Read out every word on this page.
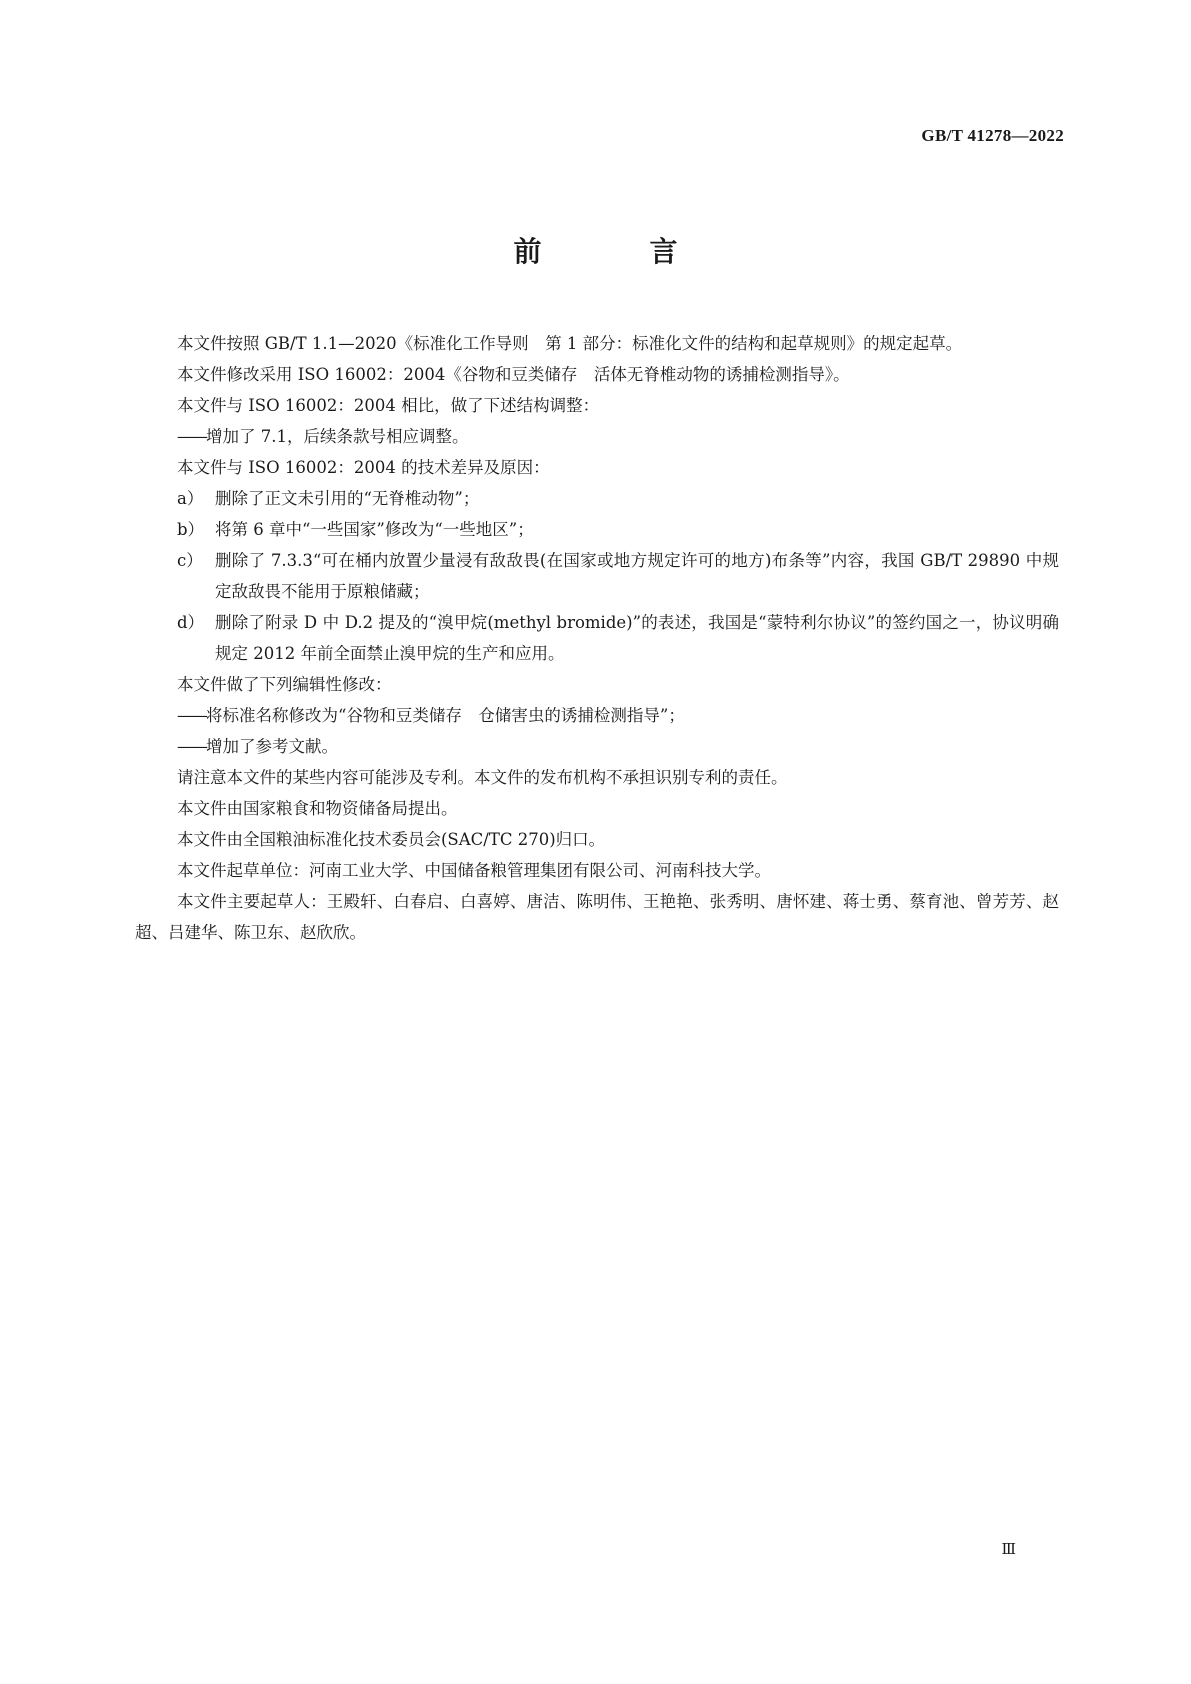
GB/T 41278—2022
前　言

本文件按照 GB/T 1.1—2020《标准化工作导则　第 1 部分：标准化文件的结构和起草规则》的规定起草。

本文件修改采用 ISO 16002：2004《谷物和豆类储存　活体无脊椎动物的诱捕检测指导》。

本文件与 ISO 16002：2004 相比，做了下述结构调整：

——增加了 7.1，后续条款号相应调整。

本文件与 ISO 16002：2004 的技术差异及原因：

a） 删除了正文未引用的“无脊椎动物”；
b） 将第 6 章中“一些国家”修改为“一些地区”；
c） 删除了 7.3.3“可在桶内放置少量浸有敌敌畏(在国家或地方规定许可的地方)布条等”内容，我国 GB/T 29890 中规定敌敌畏不能用于原粮储藏；
d） 删除了附录 D 中 D.2 提及的“溴甲烷(methyl bromide)”的表述，我国是“蒙特利尔协议”的签约国之一，协议明确规定 2012 年前全面禁止溴甲烷的生产和应用。

本文件做了下列编辑性修改：

——将标准名称修改为“谷物和豆类储存　仓储害虫的诱捕检测指导”；

——增加了参考文献。

请注意本文件的某些内容可能涉及专利。本文件的发布机构不承担识别专利的责任。

本文件由国家粮食和物资储备局提出。

本文件由全国粮油标准化技术委员会(SAC/TC 270)归口。

本文件起草单位：河南工业大学、中国储备粮管理集团有限公司、河南科技大学。

本文件主要起草人：王殿轩、白春启、白喜婷、唐洁、陈明伟、王艳艳、张秀明、唐怀建、蒋士勇、蔡育池、曾芳芳、赵超、吕建华、陈卫东、赵欣欣。

Ⅲ
